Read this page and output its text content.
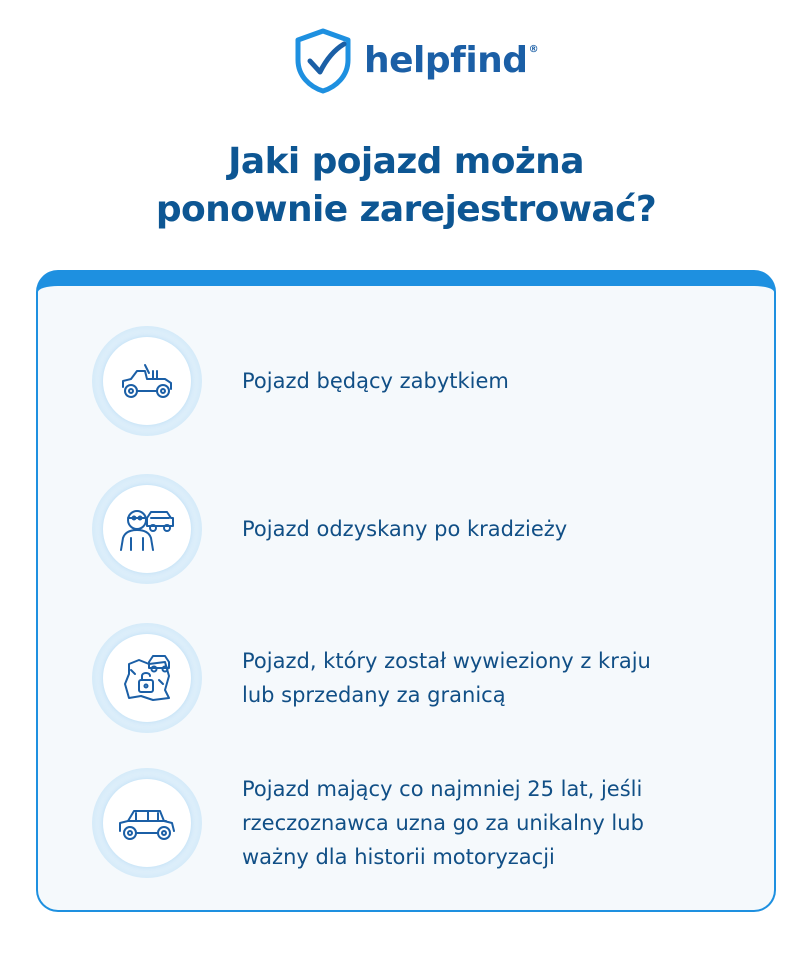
helpfind®
Jaki pojazd można
ponownie zarejestrować?
Pojazd będący zabytkiem
Pojazd odzyskany po kradzieży
Pojazd, który został wywieziony z kraju
lub sprzedany za granicą
Pojazd mający co najmniej 25 lat, jeśli
rzeczoznawca uzna go za unikalny lub
ważny dla historii motoryzacji
